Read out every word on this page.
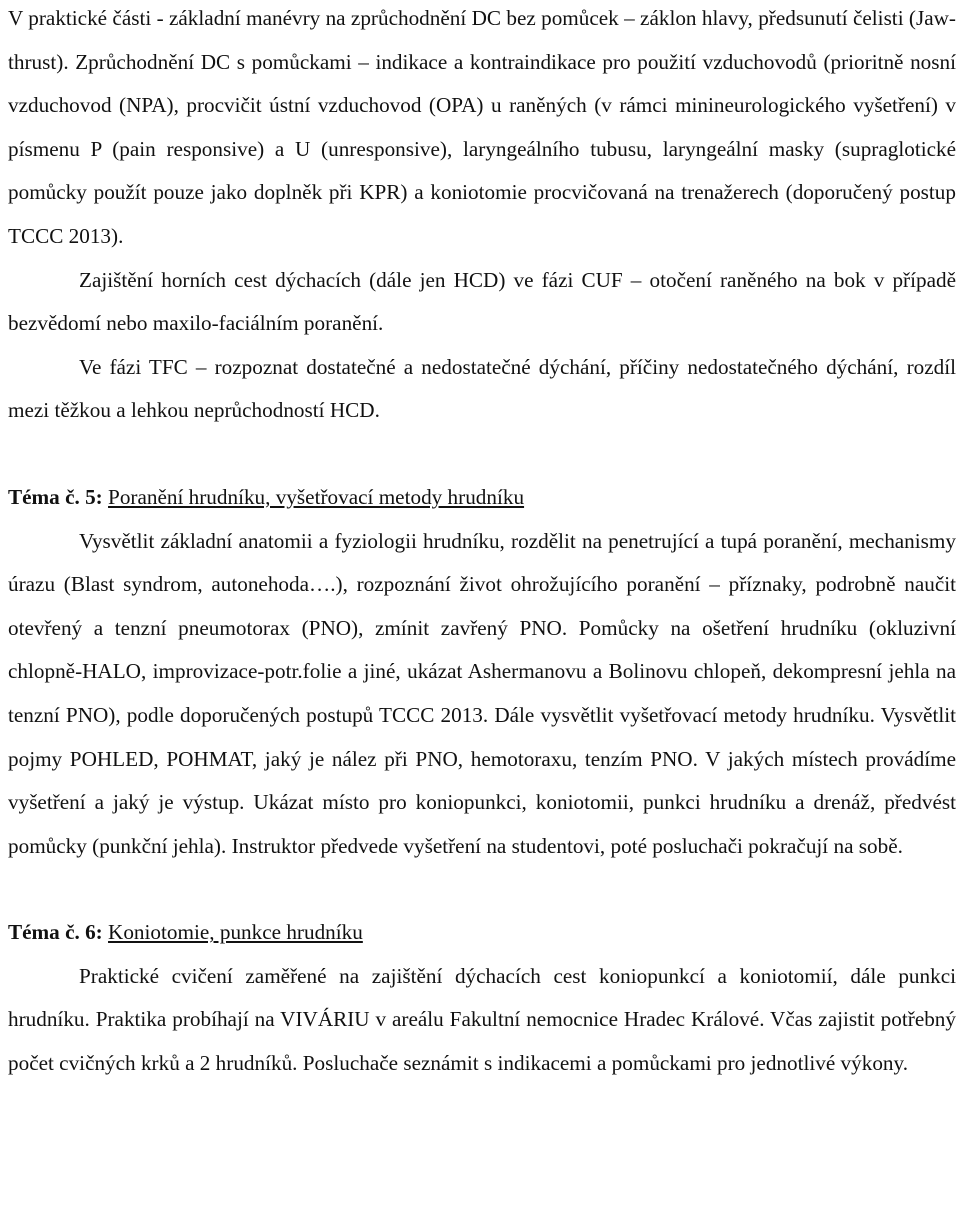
V praktické části - základní manévry na zprůchodnění DC bez pomůcek – záklon hlavy, předsunutí čelisti (Jaw-thrust). Zprůchodnění DC s pomůckami – indikace a kontraindikace pro použití vzduchovodů (prioritně nosní vzduchovod (NPA), procvičit ústní vzduchovod (OPA) u raněných (v rámci minineurologického vyšetření) v písmenu P (pain responsive) a U (unresponsive), laryngeálního tubusu, laryngeální masky (supraglotické pomůcky použít pouze jako doplněk při KPR) a koniotomie procvičovaná na trenažerech (doporučený postup TCCC 2013).

Zajištění horních cest dýchacích (dále jen HCD) ve fázi CUF – otočení raněného na bok v případě bezvědomí nebo maxilo-faciálním poranění.

Ve fázi TFC – rozpoznat dostatečné a nedostatečné dýchání, příčiny nedostatečného dýchání, rozdíl mezi těžkou a lehkou neprůchodností HCD.

Téma č. 5: Poranění hrudníku, vyšetřovací metody hrudníku

Vysvětlit základní anatomii a fyziologii hrudníku, rozdělit na penetrující a tupá poranění, mechanismy úrazu (Blast syndrom, autonehoda….), rozpoznání život ohrožujícího poranění – příznaky, podrobně naučit otevřený a tenzní pneumotorax (PNO), zmínit zavřený PNO. Pomůcky na ošetření hrudníku (okluzivní chlopně-HALO, improvizace-potr.folie a jiné, ukázat Ashermanovu a Bolinovu chlopeň, dekompresní jehla na tenzní PNO), podle doporučených postupů TCCC 2013. Dále vysvětlit vyšetřovací metody hrudníku. Vysvětlit pojmy POHLED, POHMAT, jaký je nález při PNO, hemotoraxu, tenzím PNO. V jakých místech provádíme vyšetření a jaký je výstup. Ukázat místo pro koniopunkci, koniotomii, punkci hrudníku a drenáž, předvést pomůcky (punkční jehla). Instruktor předvede vyšetření na studentovi, poté posluchači pokračují na sobě.

Téma č. 6: Koniotomie, punkce hrudníku

Praktické cvičení zaměřené na zajištění dýchacích cest koniopunkcí a koniotomií, dále punkci hrudníku. Praktika probíhají na VIVÁRIU v areálu Fakultní nemocnice Hradec Králové. Včas zajistit potřebný počet cvičných krků a 2 hrudníků. Posluchače seznámit s indikacemi a pomůckami pro jednotlivé výkony.
